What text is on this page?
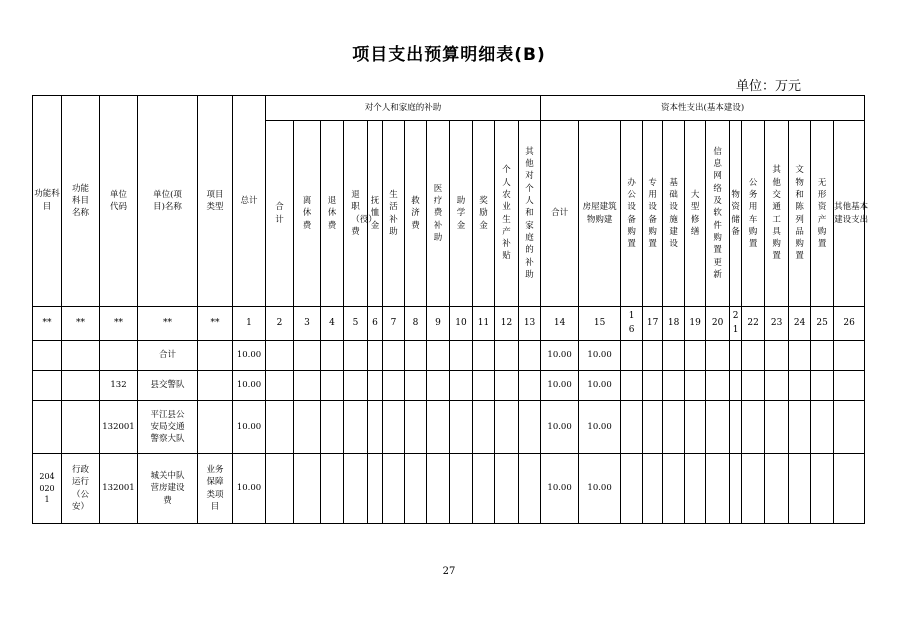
项目支出预算明细表(B)
单位：万元
功能科目	功能科目名称	单位代码	单位(项目)名称	项目类型	总计	对个人和家庭的补助												资本性支出(基本建设)												

						合计	离休费	退休费	退职（役）费	抚恤金	生活补助	救济费	医疗费补助	助学金	奖励金	个人农业生产补贴	其他对个人和家庭的补助	合计	房屋建筑物购建	办公设备购置	专用设备购置	基础设施建设	大型修缮	信息网络及软件购置更新	物资储备	公务用车购置	其他交通工具购置	文物和陈列品购置	无形资产购置	其他基本建设支出

**	**	**	**	**	1	2	3	4	5	6	7	8	9	10	11	12	13	14	15	16	17	18	19	20	21	22	23	24	25	26

			合计		10.00													10.00	10.00											

	132	县交警队		10.00													10.00	10.00											

	132001	平江县公安局交通警察大队		10.00													10.00	10.00											

2040201	行政运行（公安）	132001	城关中队营房建设费	业务保障类项目	10.00													10.00	10.00											
27
